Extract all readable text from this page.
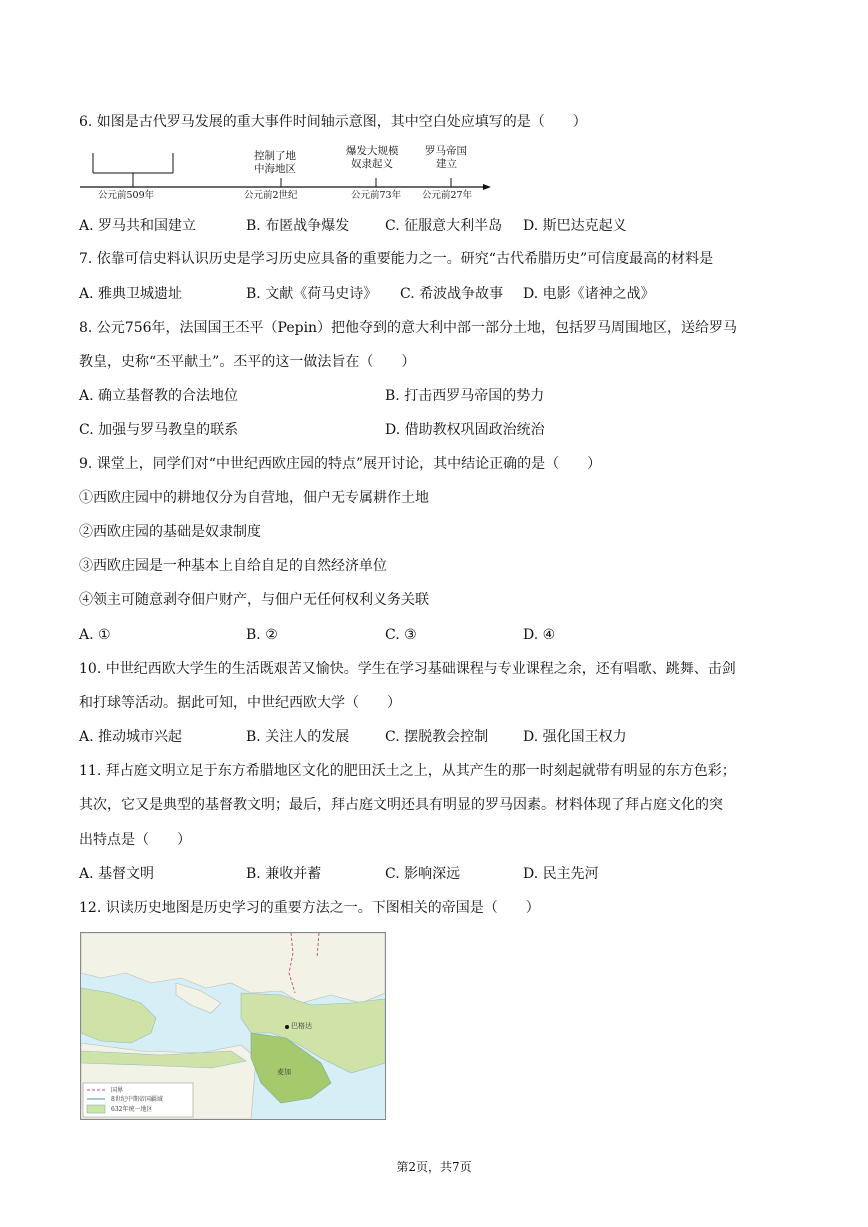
6. 如图是古代罗马发展的重大事件时间轴示意图，其中空白处应填写的是（　　）
控制了地
中海地区
爆发大规模
奴隶起义
罗马帝国
建立
公元前509年	公元前2世纪	公元前73年 公元前27年
A. 罗马共和国建立	B. 布匿战争爆发	C. 征服意大利半岛 D. 斯巴达克起义
7. 依靠可信史料认识历史是学习历史应具备的重要能力之一。研究“古代希腊历史”可信度最高的材料是
A. 雅典卫城遗址	B. 文献《荷马史诗》 C. 希波战争故事 D. 电影《诸神之战》
8. 公元756年，法国国王丕平（Pepin）把他夺到的意大利中部一部分土地，包括罗马周围地区，送给罗马
教皇，史称“丕平献土”。丕平的这一做法旨在（　　）
A. 确立基督教的合法地位	B. 打击西罗马帝国的势力
C. 加强与罗马教皇的联系	D. 借助教权巩固政治统治
9. 课堂上，同学们对“中世纪西欧庄园的特点”展开讨论，其中结论正确的是（　　）
①西欧庄园中的耕地仅分为自营地，佃户无专属耕作土地
②西欧庄园的基础是奴隶制度
③西欧庄园是一种基本上自给自足的自然经济单位
④领主可随意剥夺佃户财产，与佃户无任何权利义务关联
A. ①	B. ②	C. ③	D. ④
10. 中世纪西欧大学生的生活既艰苦又愉快。学生在学习基础课程与专业课程之余，还有唱歌、跳舞、击剑
和打球等活动。据此可知，中世纪西欧大学（　　）
A. 推动城市兴起	B. 关注人的发展	C. 摆脱教会控制 D. 强化国王权力
11. 拜占庭文明立足于东方希腊地区文化的肥田沃土之上，从其产生的那一时刻起就带有明显的东方色彩；
其次，它又是典型的基督教文明；最后，拜占庭文明还具有明显的罗马因素。材料体现了拜占庭文化的突
出特点是（　　）
A. 基督文明	B. 兼收并蓄	C. 影响深远	D. 民主先河
12. 识读历史地图是历史学习的重要方法之一。下图相关的帝国是（　　）
巴格达
麦加
国界
8世纪中期帝国疆域
632年统一地区
第2页，共7页
